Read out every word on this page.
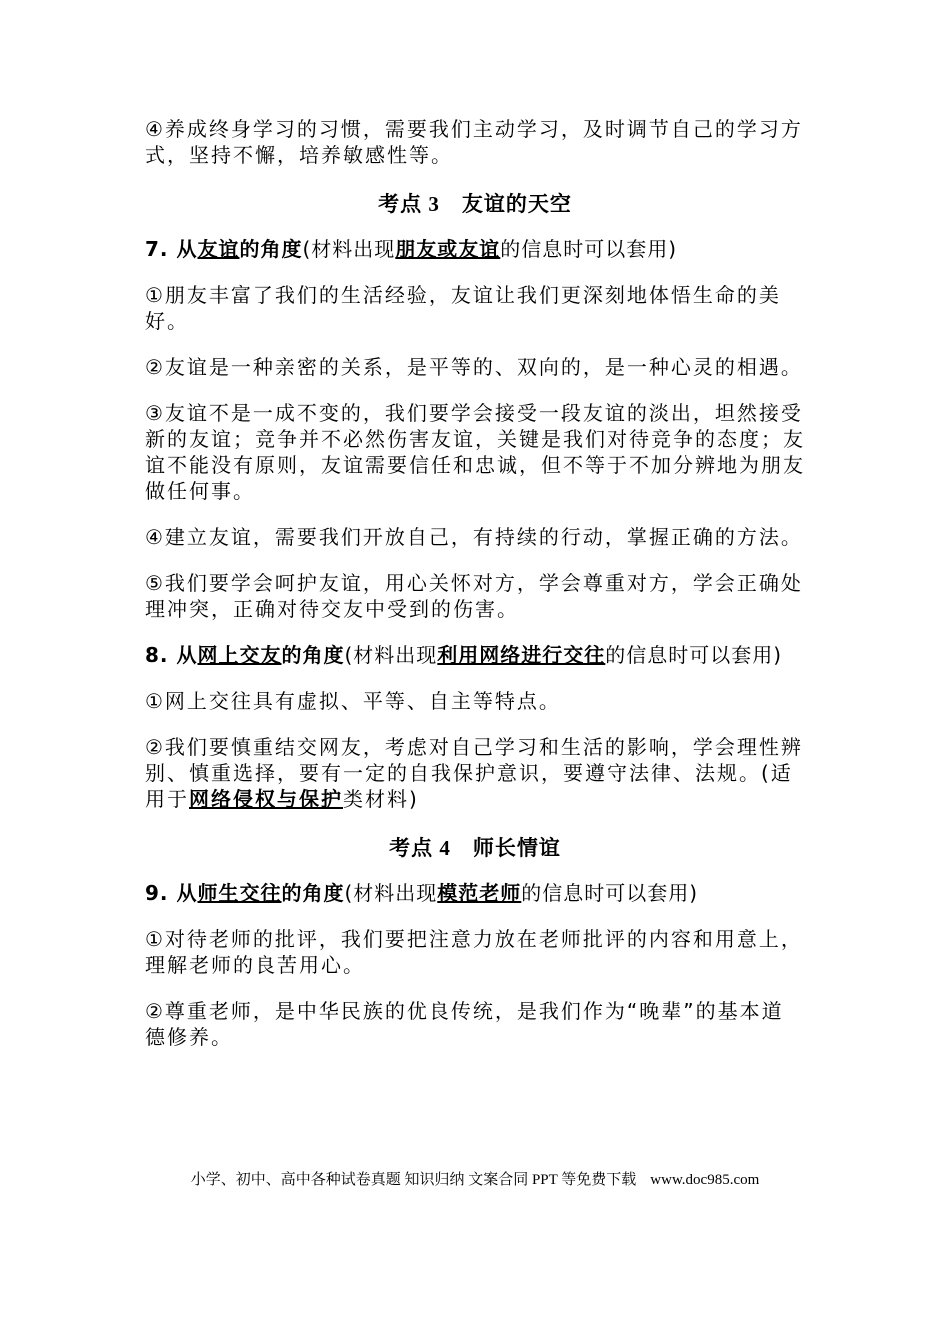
④养成终身学习的习惯，需要我们主动学习，及时调节自己的学习方式，坚持不懈，培养敏感性等。

考点 3 友谊的天空

7. 从友谊的角度(材料出现朋友或友谊的信息时可以套用)

①朋友丰富了我们的生活经验，友谊让我们更深刻地体悟生命的美好。

②友谊是一种亲密的关系，是平等的、双向的，是一种心灵的相遇。

③友谊不是一成不变的，我们要学会接受一段友谊的淡出，坦然接受新的友谊；竞争并不必然伤害友谊，关键是我们对待竞争的态度；友谊不能没有原则，友谊需要信任和忠诚，但不等于不加分辨地为朋友做任何事。

④建立友谊，需要我们开放自己，有持续的行动，掌握正确的方法。

⑤我们要学会呵护友谊，用心关怀对方，学会尊重对方，学会正确处理冲突，正确对待交友中受到的伤害。

8. 从网上交友的角度(材料出现利用网络进行交往的信息时可以套用)

①网上交往具有虚拟、平等、自主等特点。

②我们要慎重结交网友，考虑对自己学习和生活的影响，学会理性辨别、慎重选择，要有一定的自我保护意识，要遵守法律、法规。(适用于网络侵权与保护类材料)

考点 4 师长情谊

9. 从师生交往的角度(材料出现模范老师的信息时可以套用)

①对待老师的批评，我们要把注意力放在老师批评的内容和用意上，理解老师的良苦用心。

②尊重老师，是中华民族的优良传统，是我们作为“晚辈”的基本道德修养。

小学、初中、高中各种试卷真题 知识归纳 文案合同 PPT 等免费下载 www.doc985.com
